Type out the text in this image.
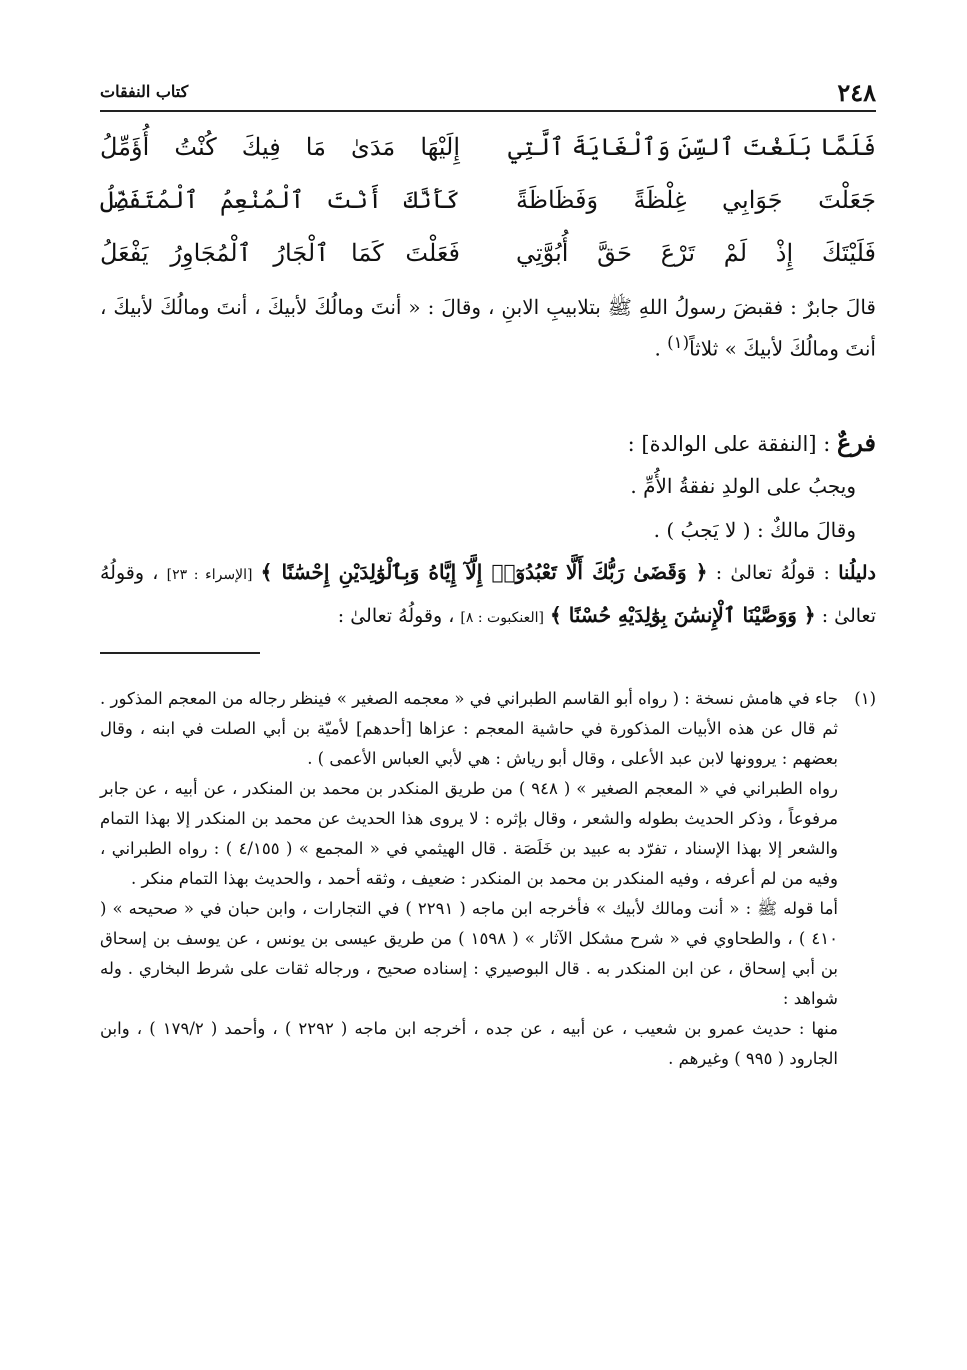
٢٤٨
كتاب النفقات
فَلَمَّا بَلَغْتَ ٱلسِّنَ وَٱلْغَايَةَ ٱلَّتِي
إِلَيْهَا مَدَىٰ مَا فِيكَ كُنْتُ أُؤَمِّلُ
جَعَلْتَ جَوَابِي غِلْظَةً وَفَظَاظَةً
كَأَنَّكَ أَنْتَ ٱلْمُنْعِمُ ٱلْمُتَفَضِّلُ
فَلَيْتَكَ إِذْ لَمْ تَرْعَ حَقَّ أُبُوَّتِي
فَعَلْتَ كَمَا ٱلْجَارُ ٱلْمُجَاوِرُ يَفْعَلُ
قالَ جابرٌ : فقبضَ رسولُ اللهِ ﷺ بتلابيبِ الابنِ ، وقالَ : « أنتَ ومالُكَ لأبيكَ ، أنتَ ومالُكَ لأبيكَ ، أنتَ ومالُكَ لأبيكَ » ثلاثاً$^{(١)}$ .
فرعٌ : [النفقة على الوالدة] :
ويجبُ على الولدِ نفقةُ الأُمِّ .
وقالَ مالكٌ : ( لا يَجبُ ) .
دليلُنا : قولُهُ تعالىٰ : ﴿ وَقَضَىٰ رَبُّكَ أَلَّا تَعْبُدُوٓا۟ إِلَّآ إِيَّاهُ وَبِٱلْوَٰلِدَيْنِ إِحْسَٰنًا ﴾ [الإسراء : ٢٣] ، وقولُهُ تعالىٰ : ﴿ وَوَصَّيْنَا ٱلْإِنسَٰنَ بِوَٰلِدَيْهِ حُسْنًا ﴾ [العنكبوت : ٨] ، وقولُهُ تعالىٰ :
(١)

جاء في هامش نسخة : ( رواه أبو القاسم الطبراني في « معجمه الصغير » فينظر رجاله من المعجم المذكور . ثم قال عن هذه الأبيات المذكورة في حاشية المعجم : عزاها [أحدهم] لأميّة بن أبي الصلت في ابنه ، وقال بعضهم : يروونها لابن عبد الأعلى ، وقال أبو رياش : هي لأبي العباس الأعمى ) .

رواه الطبراني في « المعجم الصغير » ( ٩٤٨ ) من طريق المنكدر بن محمد بن المنكدر ، عن أبيه ، عن جابر مرفوعاً ، وذكر الحديث بطوله والشعر ، وقال بإثره : لا يروى هذا الحديث عن محمد بن المنكدر إلا بهذا التمام والشعر إلا بهذا الإسناد ، تفرّد به عبيد بن خَلَصَة . قال الهيثمي في « المجمع » ( ٤/١٥٥ ) : رواه الطبراني ، وفيه من لم أعرفه ، وفيه المنكدر بن محمد بن المنكدر : ضعيف ، وثقه أحمد ، والحديث بهذا التمام منكر .

أما قوله ﷺ : « أنت ومالك لأبيك » فأخرجه ابن ماجه ( ٢٢٩١ ) في التجارات ، وابن حبان في « صحيحه » ( ٤١٠ ) ، والطحاوي في « شرح مشكل الآثار » ( ١٥٩٨ ) من طريق عيسى بن يونس ، عن يوسف بن إسحاق بن أبي إسحاق ، عن ابن المنكدر به . قال البوصيري : إسناده صحيح ، ورجاله ثقات على شرط البخاري . وله شواهد :

منها : حديث عمرو بن شعيب ، عن أبيه ، عن جده ، أخرجه ابن ماجه ( ٢٢٩٢ ) ، وأحمد ( ١٧٩/٢ ) ، وابن الجارود ( ٩٩٥ ) وغيرهم .
